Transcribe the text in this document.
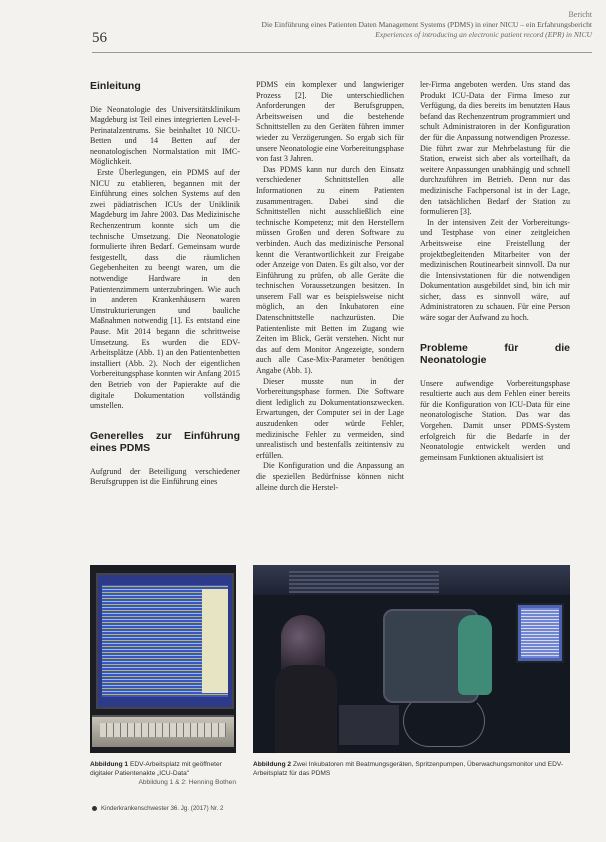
56
Bericht
Die Einführung eines Patienten Daten Management Systems (PDMS) in einer NICU – ein Erfahrungsbericht
Experiences of introducing an electronic patient record (EPR) in NICU
Einleitung

Die Neonatologie des Universitätsklinikum Magdeburg ist Teil eines integrierten Level-I-Perinatalzentrums. Sie beinhaltet 10 NICU-Betten und 14 Betten auf der neonatologischen Normalstation mit IMC-Möglichkeit.

Erste Überlegungen, ein PDMS auf der NICU zu etablieren, begannen mit der Einführung eines solchen Systems auf den zwei pädiatrischen ICUs der Uniklinik Magdeburg im Jahre 2003. Das Medizinische Rechenzentrum konnte sich um die technische Umsetzung. Die Neonatologie formulierte ihren Bedarf. Gemeinsam wurde festgestellt, dass die räumlichen Gegebenheiten zu beengt waren, um die notwendige Hardware in den Patientenzimmern unterzubringen. Wie auch in anderen Krankenhäusern waren Umstrukturierungen und bauliche Maßnahmen notwendig [1]. Es entstand eine Pause. Mit 2014 begann die schrittweise Umsetzung. Es wurden die EDV-Arbeitsplätze (Abb. 1) an den Patientenbetten installiert (Abb. 2). Noch der eigentlichen Vorbereitungsphase konnten wir Anfang 2015 den Betrieb von der Papierakte auf die digitale Dokumentation vollständig umstellen.

Generelles zur Einführung eines PDMS

Aufgrund der Beteiligung verschiedener Berufsgruppen ist die Einführung eines

PDMS ein komplexer und langwieriger Prozess [2]. Die unterschiedlichen Anforderungen der Berufsgruppen, Arbeitsweisen und die bestehende Schnittstellen zu den Geräten führen immer wieder zu Verzögerungen. So ergab sich für unsere Neonatologie eine Vorbereitungsphase von fast 3 Jahren.

Das PDMS kann nur durch den Einsatz verschiedener Schnittstellen alle Informationen zu einem Patienten zusammentragen. Dabei sind die Schnittstellen nicht ausschließlich eine technische Kompetenz; mit den Herstellern müssen Großen und deren Software zu verbinden. Auch das medizinische Personal kennt die Verantwortlichkeit zur Freigabe oder Anzeige von Daten. Es gilt also, vor der Einführung zu prüfen, ob alle Geräte die technischen Voraussetzungen besitzen. In unserem Fall war es beispielsweise nicht möglich, an den Inkubatoren eine Datenschnittstelle nachzurüsten. Die Patientenliste mit Betten im Zugang wie Zeiten im Blick, Gerät verstehen. Nicht nur das auf dem Monitor Angezeigte, sondern auch alle Case-Mix-Parameter benötigen Angabe (Abb. 1).

Dieser musste nun in der Vorbereitungsphase formen. Die Software dient lediglich zu Dokumentationszwecken. Erwartungen, der Computer sei in der Lage auszudenken oder würde Fehler, medizinische Fehler zu vermeiden, sind unrealistisch und bestenfalls zeitintensiv zu erfüllen.

Die Konfiguration und die Anpassung an die speziellen Bedürfnisse können nicht alleine durch die Herstel-

ler-Firma angeboten werden. Uns stand das Produkt ICU-Data der Firma Imeso zur Verfügung, da dies bereits im benutzten Haus befand das Rechenzentrum programmiert und schult Administratoren in der Konfiguration der für die Anpassung notwendigen Prozesse. Die führt zwar zur Mehrbelastung für die Station, erweist sich aber als vorteilhaft, da weitere Anpassungen unabhängig und schnell durchzuführen im Betrieb. Denn nur das medizinische Fachpersonal ist in der Lage, den tatsächlichen Bedarf der Station zu formulieren [3].

In der intensiven Zeit der Vorbereitungs- und Testphase von einer zeitgleichen Arbeitsweise eine Freistellung der projektbegleitenden Mitarbeiter von der medizinischen Routinearbeit sinnvoll. Da nur die Intensivstationen für die notwendigen Dokumentation ausgebildet sind, bin ich mir sicher, dass es sinnvoll wäre, auf Administratoren zu schauen. Für eine Person wäre sogar der Aufwand zu hoch.

Probleme für die Neonatologie

Unsere aufwendige Vorbereitungsphase resultierte auch aus dem Fehlen einer bereits für die Konfiguration von ICU-Data für eine neonatologische Station. Das war das Vorgehen. Damit unser PDMS-System erfolgreich für die Bedarfe in der Neonatologie entwickelt werden und gemeinsam Funktionen aktualisiert ist

Abbildung 1 EDV-Arbeitsplatz mit geöffneter digitaler Patientenakte „ICU-Data"
Abbildung 1 & 2: Henning Bothen
Abbildung 2 Zwei Inkubatoren mit Beatmungsgeräten, Spritzenpumpen, Überwachungsmonitor und EDV-Arbeitsplatz für das PDMS
Kinderkrankenschwester 36. Jg. (2017) Nr. 2
